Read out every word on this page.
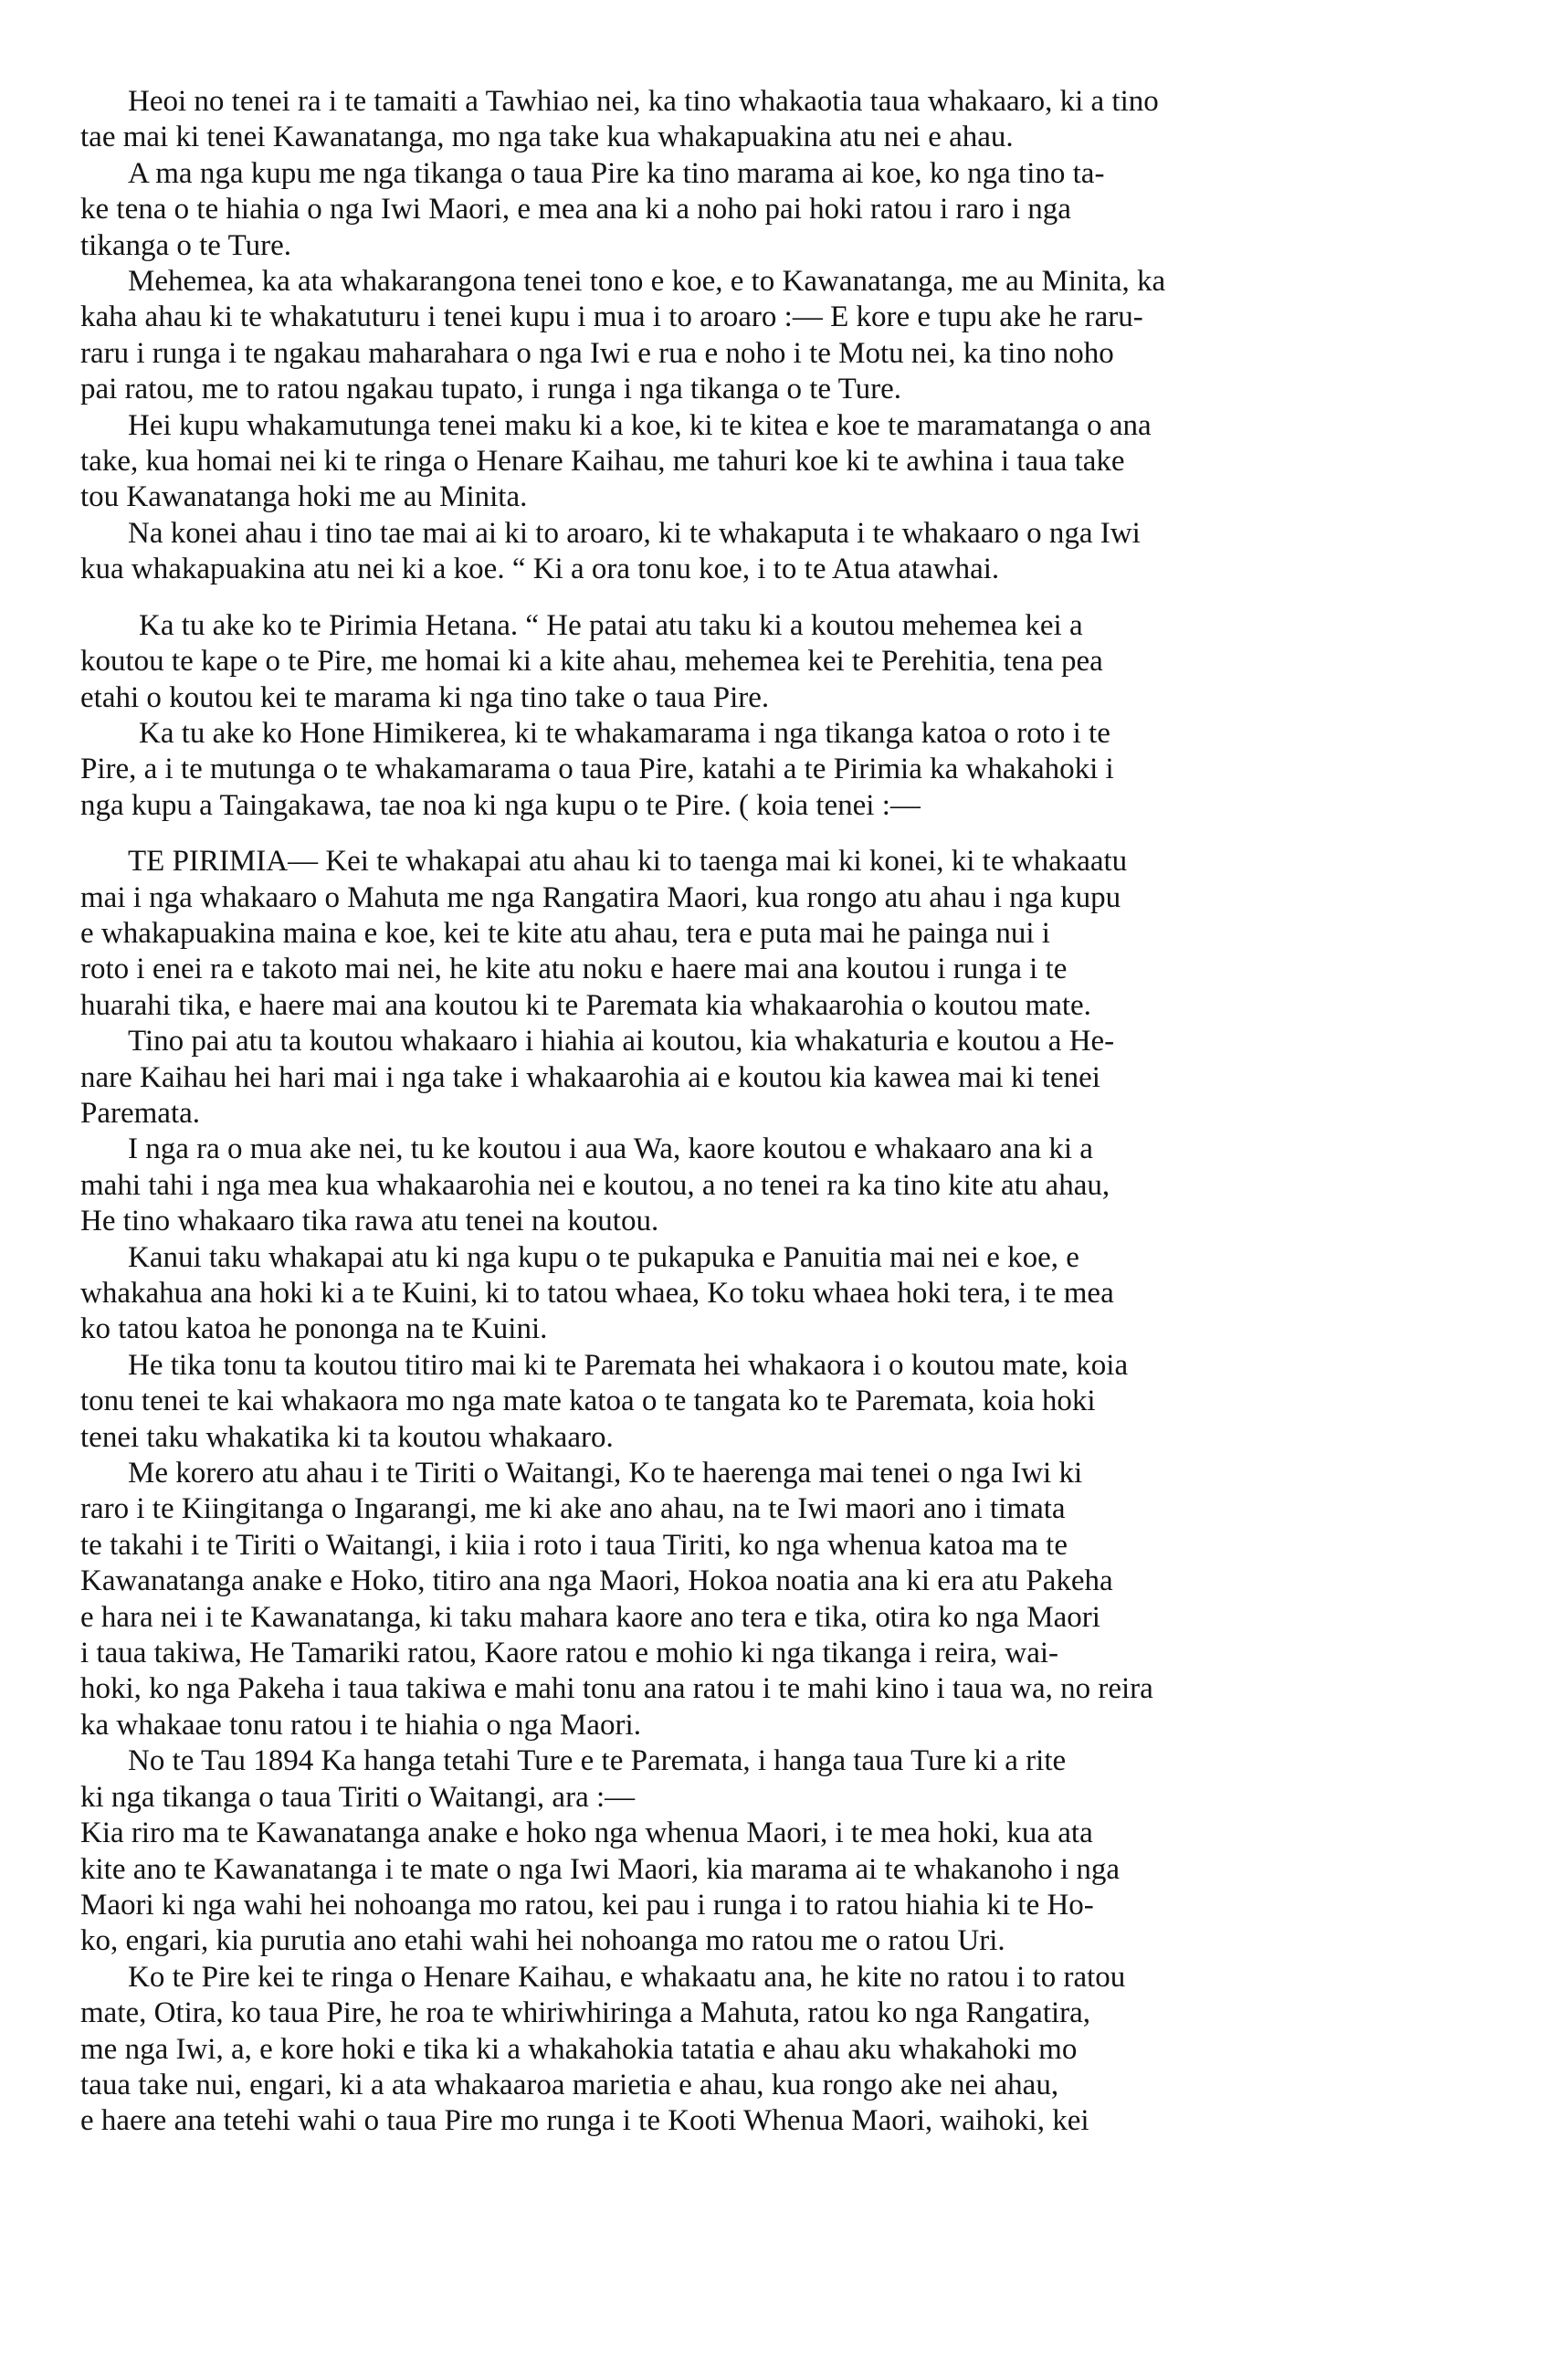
Heoi no tenei ra i te tamaiti a Tawhiao nei, ka tino whakaotia taua whakaaro, ki a tino
tae mai ki tenei Kawanatanga, mo nga take kua whakapuakina atu nei e ahau.
A ma nga kupu me nga tikanga o taua Pire ka tino marama ai koe, ko nga tino ta-
ke tena o te hiahia o nga Iwi Maori, e mea ana ki a noho pai hoki ratou i raro i nga
tikanga o te Ture.
Mehemea, ka ata whakarangona tenei tono e koe, e to Kawanatanga, me au Minita, ka
kaha ahau ki te whakatuturu i tenei kupu i mua i to aroaro :— E kore e tupu ake he raru-
raru i runga i te ngakau maharahara o nga Iwi e rua e noho i te Motu nei, ka tino noho
pai ratou, me to ratou ngakau tupato, i runga i nga tikanga o te Ture.
Hei kupu whakamutunga tenei maku ki a koe, ki te kitea e koe te maramatanga o ana
take, kua homai nei ki te ringa o Henare Kaihau, me tahuri koe ki te awhina i taua take
tou Kawanatanga hoki me au Minita.
Na konei ahau i tino tae mai ai ki to aroaro, ki te whakaputa i te whakaaro o nga Iwi
kua whakapuakina atu nei ki a koe. “ Ki a ora tonu koe, i to te Atua atawhai.
Ka tu ake ko te Pirimia Hetana. “ He patai atu taku ki a koutou mehemea kei a
koutou te kape o te Pire, me homai ki a kite ahau, mehemea kei te Perehitia, tena pea
etahi o koutou kei te marama ki nga tino take o taua Pire.
Ka tu ake ko Hone Himikerea, ki te whakamarama i nga tikanga katoa o roto i te
Pire, a i te mutunga o te whakamarama o taua Pire, katahi a te Pirimia ka whakahoki i
nga kupu a Taingakawa, tae noa ki nga kupu o te Pire. ( koia tenei :—
TE PIRIMIA— Kei te whakapai atu ahau ki to taenga mai ki konei, ki te whakaatu
mai i nga whakaaro o Mahuta me nga Rangatira Maori, kua rongo atu ahau i nga kupu
e whakapuakina maina e koe, kei te kite atu ahau, tera e puta mai he painga nui i
roto i enei ra e takoto mai nei, he kite atu noku e haere mai ana koutou i runga i te
huarahi tika, e haere mai ana koutou ki te Paremata kia whakaarohia o koutou mate.
Tino pai atu ta koutou whakaaro i hiahia ai koutou, kia whakaturia e koutou a He-
nare Kaihau hei hari mai i nga take i whakaarohia ai e koutou kia kawea mai ki tenei
Paremata.
I nga ra o mua ake nei, tu ke koutou i aua Wa, kaore koutou e whakaaro ana ki a
mahi tahi i nga mea kua whakaarohia nei e koutou, a no tenei ra ka tino kite atu ahau,
He tino whakaaro tika rawa atu tenei na koutou.
Kanui taku whakapai atu ki nga kupu o te pukapuka e Panuitia mai nei e koe, e
whakahua ana hoki ki a te Kuini, ki to tatou whaea, Ko toku whaea hoki tera, i te mea
ko tatou katoa he pononga na te Kuini.
He tika tonu ta koutou titiro mai ki te Paremata hei whakaora i o koutou mate, koia
tonu tenei te kai whakaora mo nga mate katoa o te tangata ko te Paremata, koia hoki
tenei taku whakatika ki ta koutou whakaaro.
Me korero atu ahau i te Tiriti o Waitangi, Ko te haerenga mai tenei o nga Iwi ki
raro i te Kiingitanga o Ingarangi, me ki ake ano ahau, na te Iwi maori ano i timata
te takahi i te Tiriti o Waitangi, i kiia i roto i taua Tiriti, ko nga whenua katoa ma te
Kawanatanga anake e Hoko, titiro ana nga Maori, Hokoa noatia ana ki era atu Pakeha
e hara nei i te Kawanatanga, ki taku mahara kaore ano tera e tika, otira ko nga Maori
i taua takiwa, He Tamariki ratou, Kaore ratou e mohio ki nga tikanga i reira, wai-
hoki, ko nga Pakeha i taua takiwa e mahi tonu ana ratou i te mahi kino i taua wa, no reira
ka whakaae tonu ratou i te hiahia o nga Maori.
No te Tau 1894 Ka hanga tetahi Ture e te Paremata, i hanga taua Ture ki a rite
ki nga tikanga o taua Tiriti o Waitangi, ara :—
Kia riro ma te Kawanatanga anake e hoko nga whenua Maori, i te mea hoki, kua ata
kite ano te Kawanatanga i te mate o nga Iwi Maori, kia marama ai te whakanoho i nga
Maori ki nga wahi hei nohoanga mo ratou, kei pau i runga i to ratou hiahia ki te Ho-
ko, engari, kia purutia ano etahi wahi hei nohoanga mo ratou me o ratou Uri.
Ko te Pire kei te ringa o Henare Kaihau, e whakaatu ana, he kite no ratou i to ratou
mate, Otira, ko taua Pire, he roa te whiriwhiringa a Mahuta, ratou ko nga Rangatira,
me nga Iwi, a, e kore hoki e tika ki a whakahokia tatatia e ahau aku whakahoki mo
taua take nui, engari, ki a ata whakaaroa marietia e ahau, kua rongo ake nei ahau,
e haere ana tetehi wahi o taua Pire mo runga i te Kooti Whenua Maori, waihoki, kei
